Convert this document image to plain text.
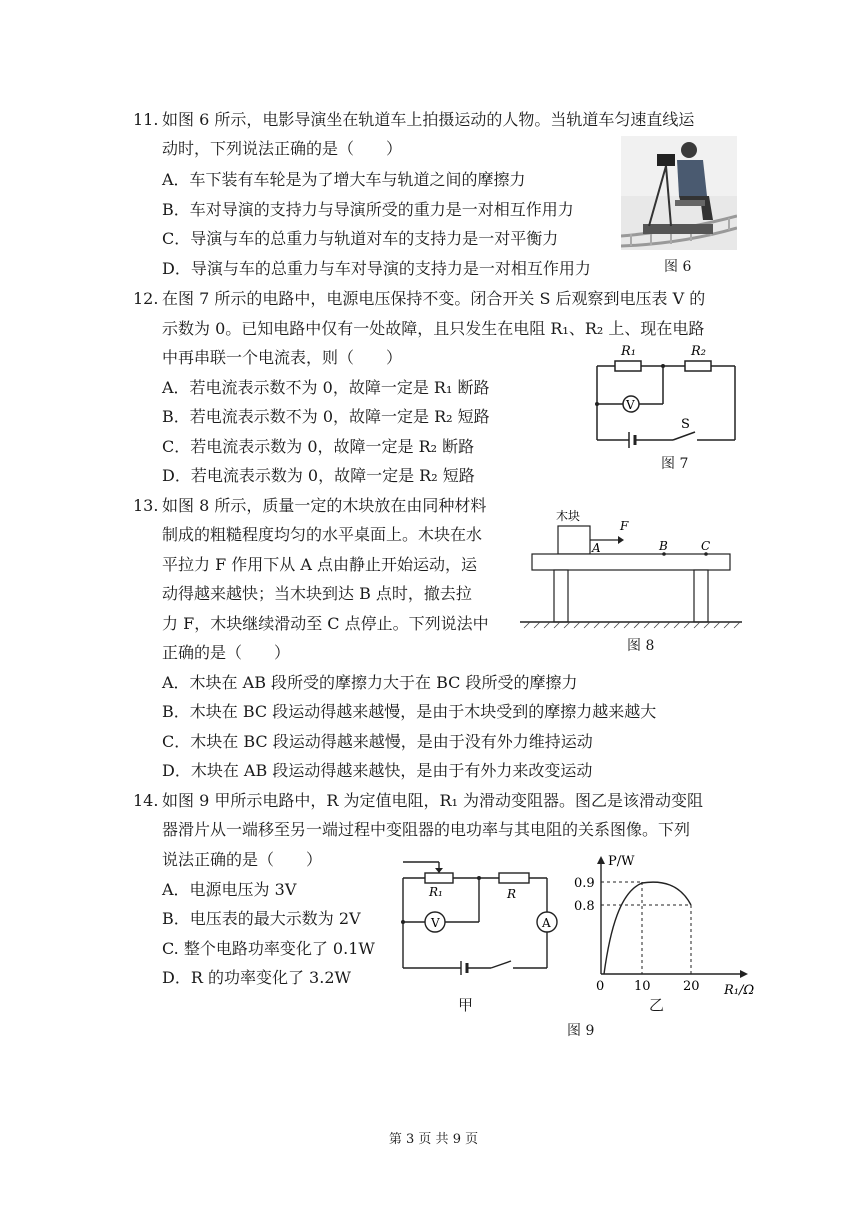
11. 如图 6 所示，电影导演坐在轨道车上拍摄运动的人物。当轨道车匀速直线运
动时，下列说法正确的是（　　）
A．车下装有车轮是为了增大车与轨道之间的摩擦力
B．车对导演的支持力与导演所受的重力是一对相互作用力
C．导演与车的总重力与轨道对车的支持力是一对平衡力
D．导演与车的总重力与车对导演的支持力是一对相互作用力	图 6
12. 在图 7 所示的电路中，电源电压保持不变。闭合开关 S 后观察到电压表 V 的
示数为 0。已知电路中仅有一处故障，且只发生在电阻 R₁、R₂ 上、现在电路
中再串联一个电流表，则（　　）
A．若电流表示数不为 0，故障一定是 R₁ 断路
B．若电流表示数不为 0，故障一定是 R₂ 短路
C．若电流表示数为 0，故障一定是 R₂ 断路
D．若电流表示数为 0，故障一定是 R₂ 短路
R₁	R₂
V
S
图 7
13. 如图 8 所示，质量一定的木块放在由同种材料
制成的粗糙程度均匀的水平桌面上。木块在水
平拉力 F 作用下从 A 点由静止开始运动，运
动得越来越快；当木块到达 B 点时，撤去拉
力 F，木块继续滑动至 C 点停止。下列说法中
正确的是（　　）
A．木块在 AB 段所受的摩擦力大于在 BC 段所受的摩擦力
B．木块在 BC 段运动得越来越慢，是由于木块受到的摩擦力越来越大
C．木块在 BC 段运动得越来越慢，是由于没有外力维持运动
D．木块在 AB 段运动得越来越快，是由于有外力来改变运动
木块
F
A	B	C
图 8
14. 如图 9 甲所示电路中，R 为定值电阻，R₁ 为滑动变阻器。图乙是该滑动变阻
器滑片从一端移至另一端过程中变阻器的电功率与其电阻的关系图像。下列
说法正确的是（　　）
A．电源电压为 3V
B．电压表的最大示数为 2V
C. 整个电路功率变化了 0.1W
D．R 的功率变化了 3.2W
R₁	R
V	A
甲
P/W
0.9
0.8
0 10 20 R₁/Ω
乙
图 9
第 3 页 共 9 页
